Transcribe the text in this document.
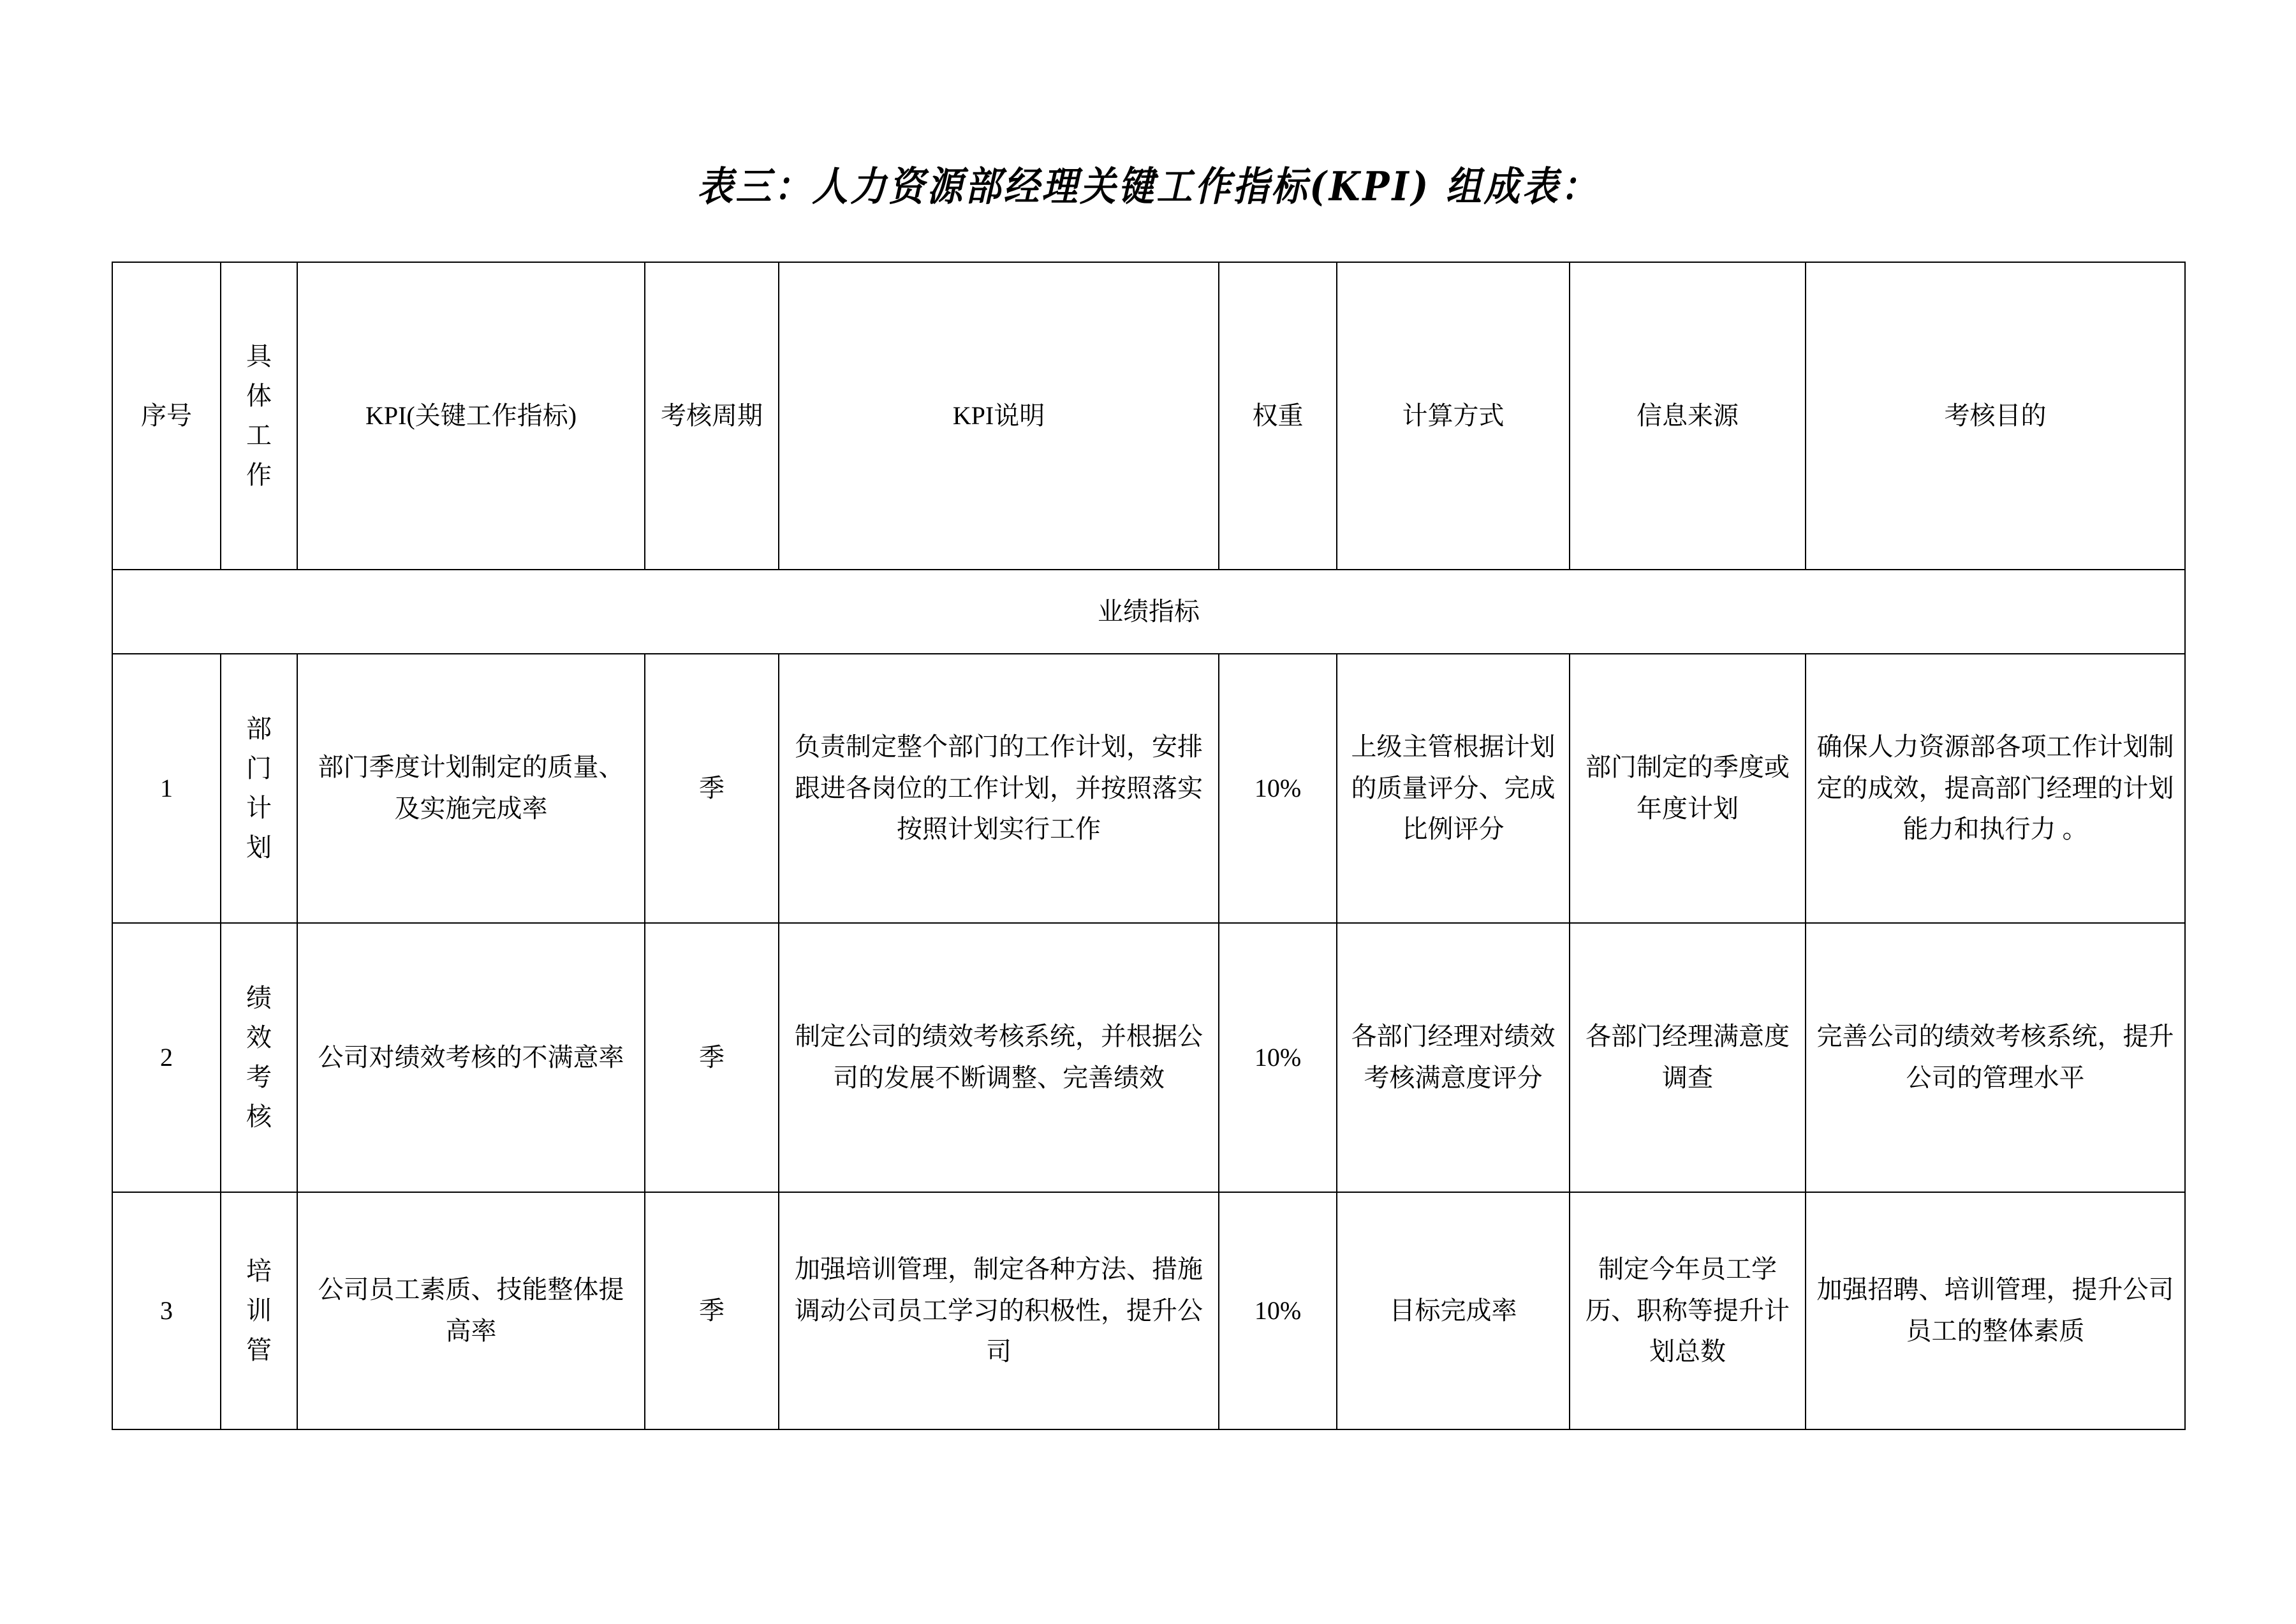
表三：人力资源部经理关键工作指标(KPI) 组成表：
序号	具
体
工
作	KPI(关键工作指标)	考核周期	KPI说明	权重	计算方式	信息来源	考核目的
业绩指标								
1	部
门
计
划	部门季度计划制定的质量、及实施完成率	季	负责制定整个部门的工作计划，安排跟进各岗位的工作计划，并按照落实按照计划实行工作	10%	上级主管根据计划的质量评分、完成比例评分	部门制定的季度或年度计划	确保人力资源部各项工作计划制定的成效，提高部门经理的计划能力和执行力 。
2	绩
效
考
核	公司对绩效考核的不满意率	季	制定公司的绩效考核系统，并根据公司的发展不断调整、完善绩效	10%	各部门经理对绩效考核满意度评分	各部门经理满意度调查	完善公司的绩效考核系统，提升公司的管理水平
3	培
训
管	公司员工素质、技能整体提高率	季	加强培训管理，制定各种方法、措施调动公司员工学习的积极性，提升公司	10%	目标完成率	制定今年员工学历、职称等提升计划总数	加强招聘、培训管理，提升公司员工的整体素质
